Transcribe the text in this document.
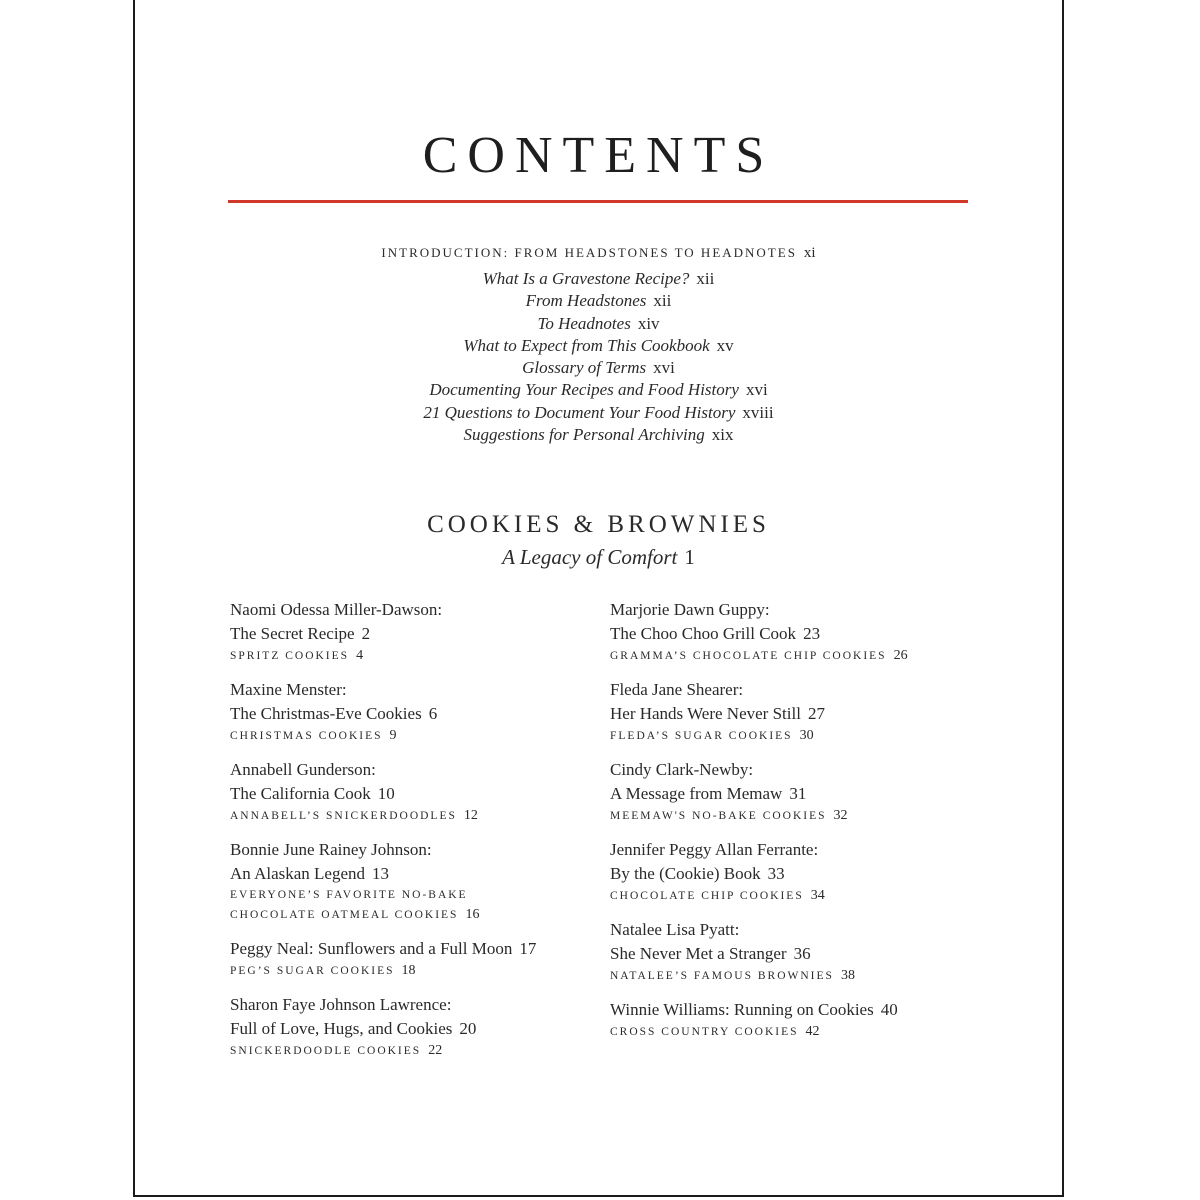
CONTENTS
INTRODUCTION: FROM HEADSTONES TO HEADNOTES xi
What Is a Gravestone Recipe? xii
From Headstones xii
To Headnotes xiv
What to Expect from This Cookbook xv
Glossary of Terms xvi
Documenting Your Recipes and Food History xvi
21 Questions to Document Your Food History xviii
Suggestions for Personal Archiving xix
COOKIES & BROWNIES
A Legacy of Comfort 1
Naomi Odessa Miller-Dawson:
The Secret Recipe 2
SPRITZ COOKIES 4
Maxine Menster:
The Christmas-Eve Cookies 6
CHRISTMAS COOKIES 9
Annabell Gunderson:
The California Cook 10
ANNABELL’S SNICKERDOODLES 12
Bonnie June Rainey Johnson:
An Alaskan Legend 13
EVERYONE’S FAVORITE NO-BAKE
CHOCOLATE OATMEAL COOKIES 16
Peggy Neal: Sunflowers and a Full Moon 17
PEG’S SUGAR COOKIES 18
Sharon Faye Johnson Lawrence:
Full of Love, Hugs, and Cookies 20
SNICKERDOODLE COOKIES 22
Marjorie Dawn Guppy:
The Choo Choo Grill Cook 23
GRAMMA’S CHOCOLATE CHIP COOKIES 26
Fleda Jane Shearer:
Her Hands Were Never Still 27
FLEDA’S SUGAR COOKIES 30
Cindy Clark-Newby:
A Message from Memaw 31
MEEMAW'S NO-BAKE COOKIES 32
Jennifer Peggy Allan Ferrante:
By the (Cookie) Book 33
CHOCOLATE CHIP COOKIES 34
Natalee Lisa Pyatt:
She Never Met a Stranger 36
NATALEE’S FAMOUS BROWNIES 38
Winnie Williams: Running on Cookies 40
CROSS COUNTRY COOKIES 42
